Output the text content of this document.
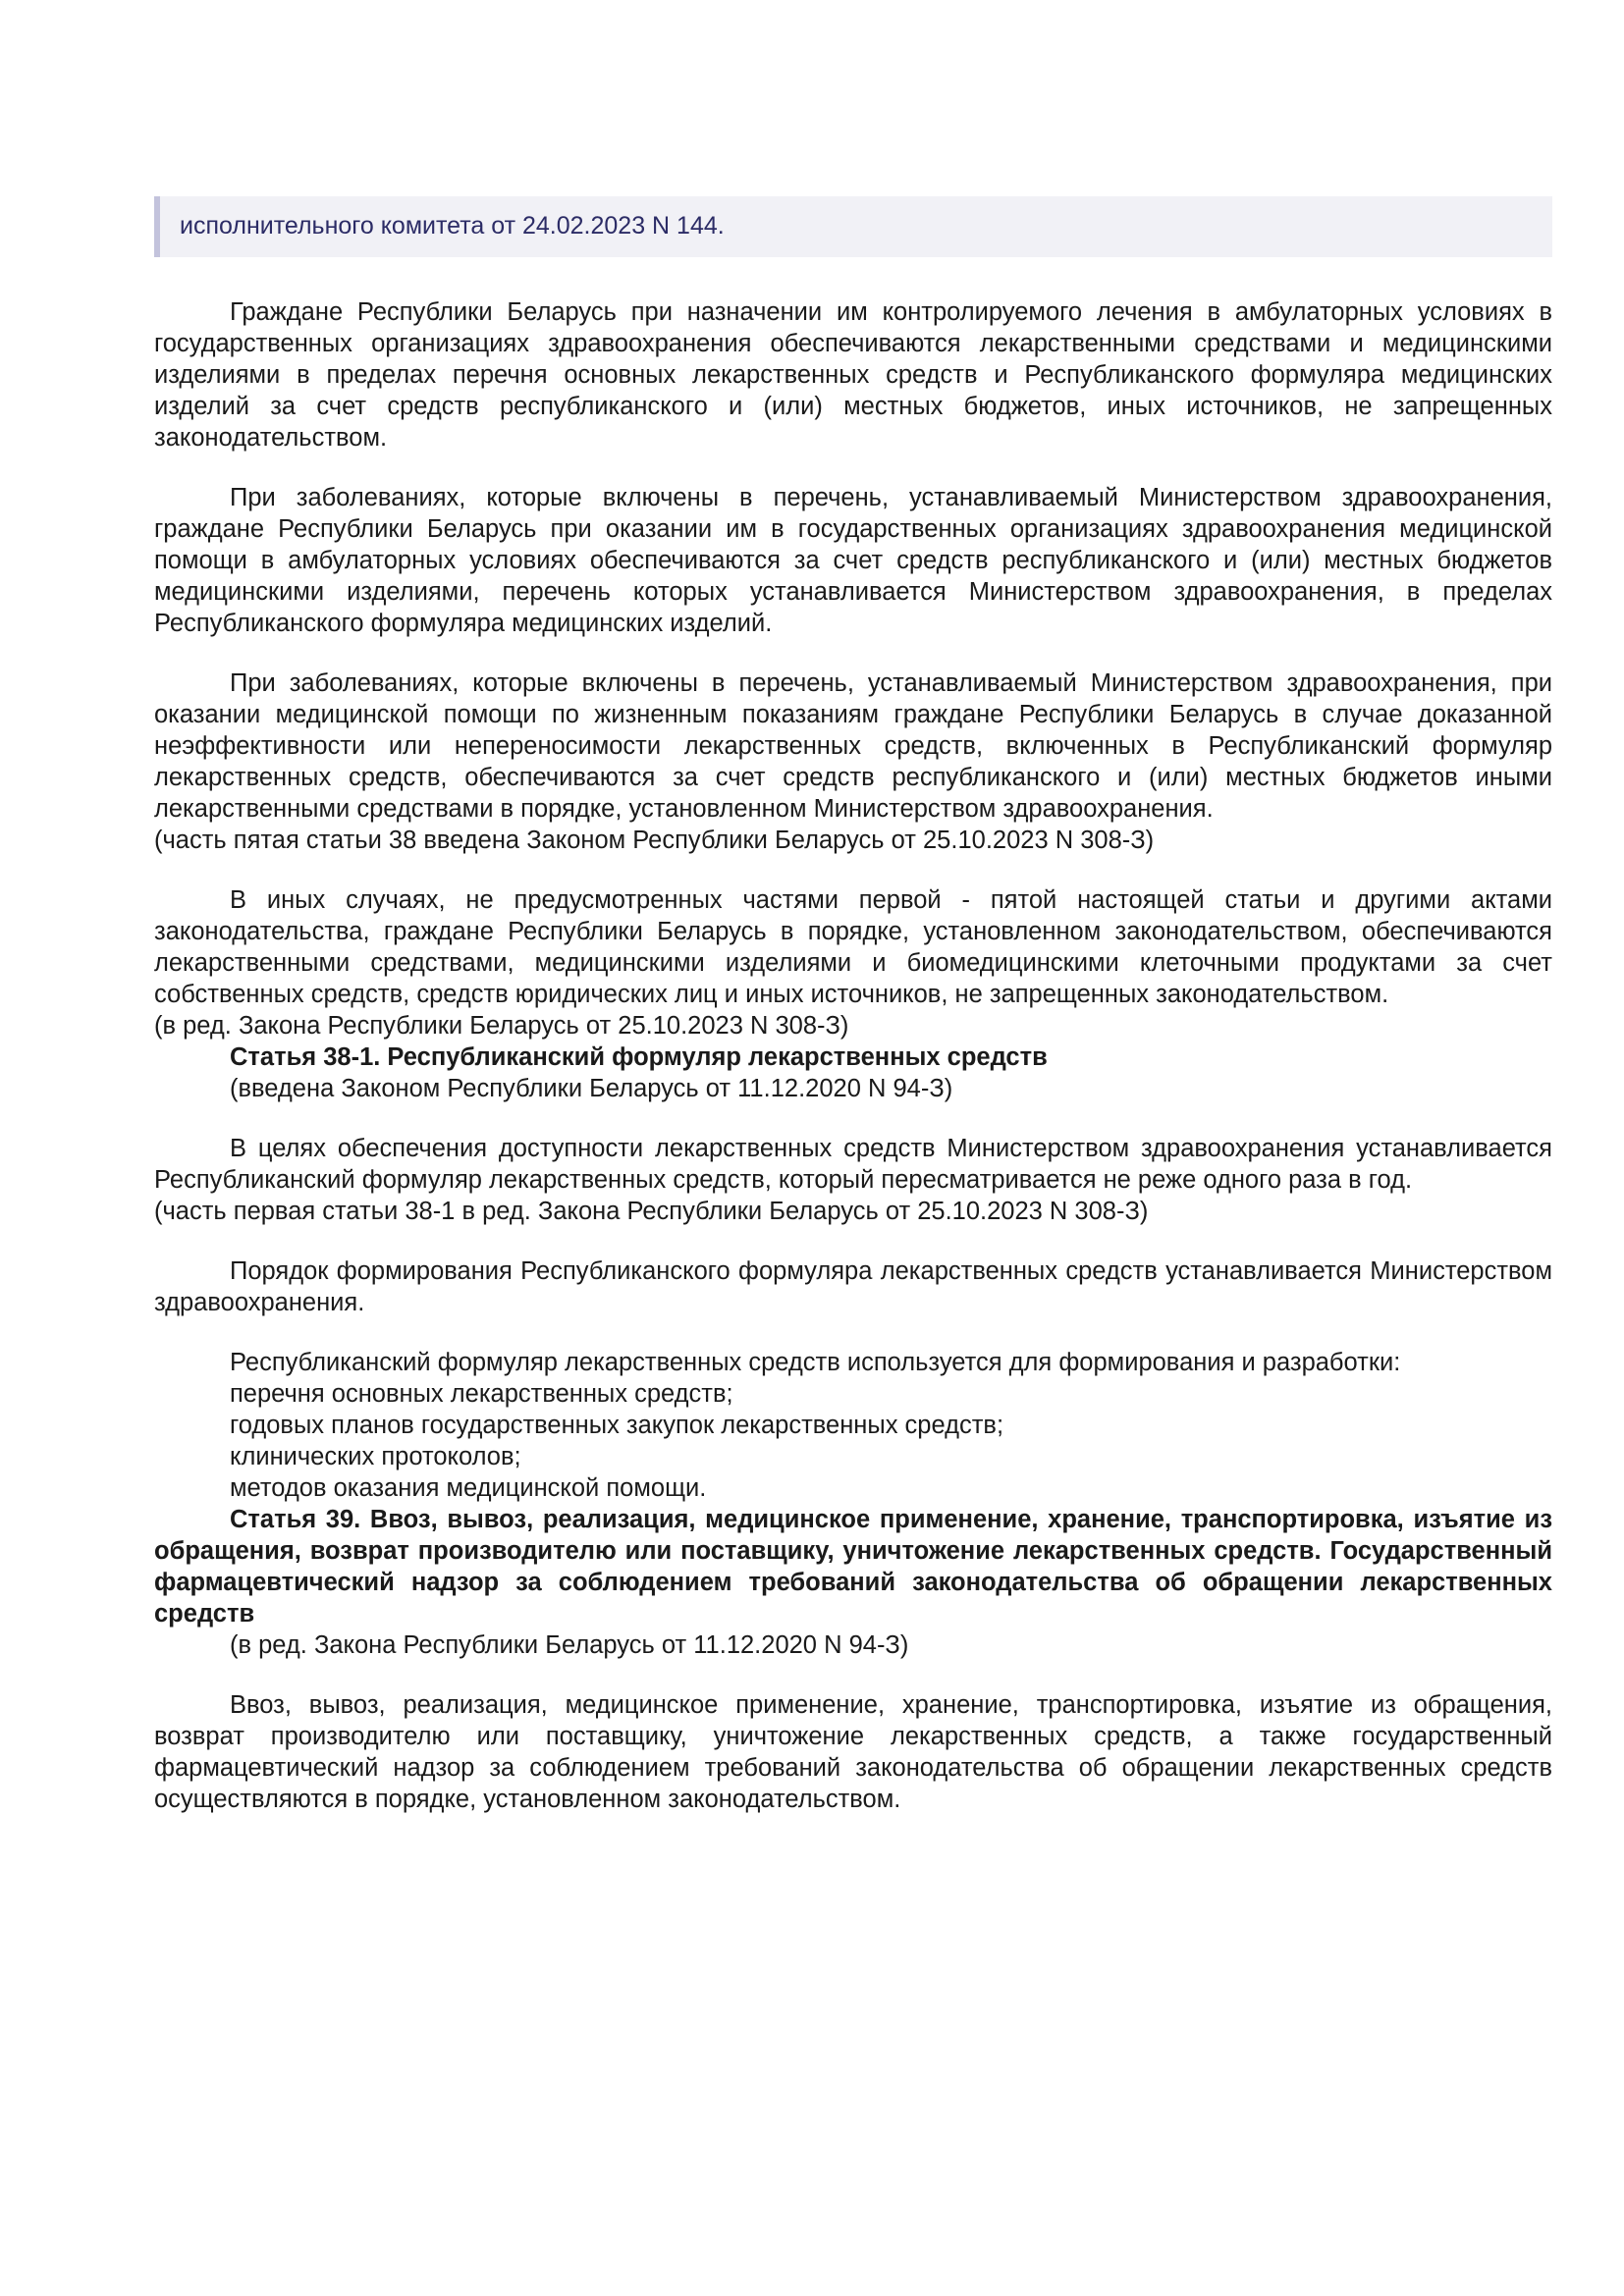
исполнительного комитета от 24.02.2023 N 144.

Граждане Республики Беларусь при назначении им контролируемого лечения в амбулаторных условиях в государственных организациях здравоохранения обеспечиваются лекарственными средствами и медицинскими изделиями в пределах перечня основных лекарственных средств и Республиканского формуляра медицинских изделий за счет средств республиканского и (или) местных бюджетов, иных источников, не запрещенных законодательством.

При заболеваниях, которые включены в перечень, устанавливаемый Министерством здравоохранения, граждане Республики Беларусь при оказании им в государственных организациях здравоохранения медицинской помощи в амбулаторных условиях обеспечиваются за счет средств республиканского и (или) местных бюджетов медицинскими изделиями, перечень которых устанавливается Министерством здравоохранения, в пределах Республиканского формуляра медицинских изделий.

При заболеваниях, которые включены в перечень, устанавливаемый Министерством здравоохранения, при оказании медицинской помощи по жизненным показаниям граждане Республики Беларусь в случае доказанной неэффективности или непереносимости лекарственных средств, включенных в Республиканский формуляр лекарственных средств, обеспечиваются за счет средств республиканского и (или) местных бюджетов иными лекарственными средствами в порядке, установленном Министерством здравоохранения.

(часть пятая статьи 38 введена Законом Республики Беларусь от 25.10.2023 N 308-З)

В иных случаях, не предусмотренных частями первой - пятой настоящей статьи и другими актами законодательства, граждане Республики Беларусь в порядке, установленном законодательством, обеспечиваются лекарственными средствами, медицинскими изделиями и биомедицинскими клеточными продуктами за счет собственных средств, средств юридических лиц и иных источников, не запрещенных законодательством.

(в ред. Закона Республики Беларусь от 25.10.2023 N 308-З)

Статья 38-1. Республиканский формуляр лекарственных средств

(введена Законом Республики Беларусь от 11.12.2020 N 94-З)

В целях обеспечения доступности лекарственных средств Министерством здравоохранения устанавливается Республиканский формуляр лекарственных средств, который пересматривается не реже одного раза в год.

(часть первая статьи 38-1 в ред. Закона Республики Беларусь от 25.10.2023 N 308-З)

Порядок формирования Республиканского формуляра лекарственных средств устанавливается Министерством здравоохранения.

Республиканский формуляр лекарственных средств используется для формирования и разработки:

перечня основных лекарственных средств;

годовых планов государственных закупок лекарственных средств;

клинических протоколов;

методов оказания медицинской помощи.

Статья 39. Ввоз, вывоз, реализация, медицинское применение, хранение, транспортировка, изъятие из обращения, возврат производителю или поставщику, уничтожение лекарственных средств. Государственный фармацевтический надзор за соблюдением требований законодательства об обращении лекарственных средств

(в ред. Закона Республики Беларусь от 11.12.2020 N 94-З)

Ввоз, вывоз, реализация, медицинское применение, хранение, транспортировка, изъятие из обращения, возврат производителю или поставщику, уничтожение лекарственных средств, а также государственный фармацевтический надзор за соблюдением требований законодательства об обращении лекарственных средств осуществляются в порядке, установленном законодательством.
